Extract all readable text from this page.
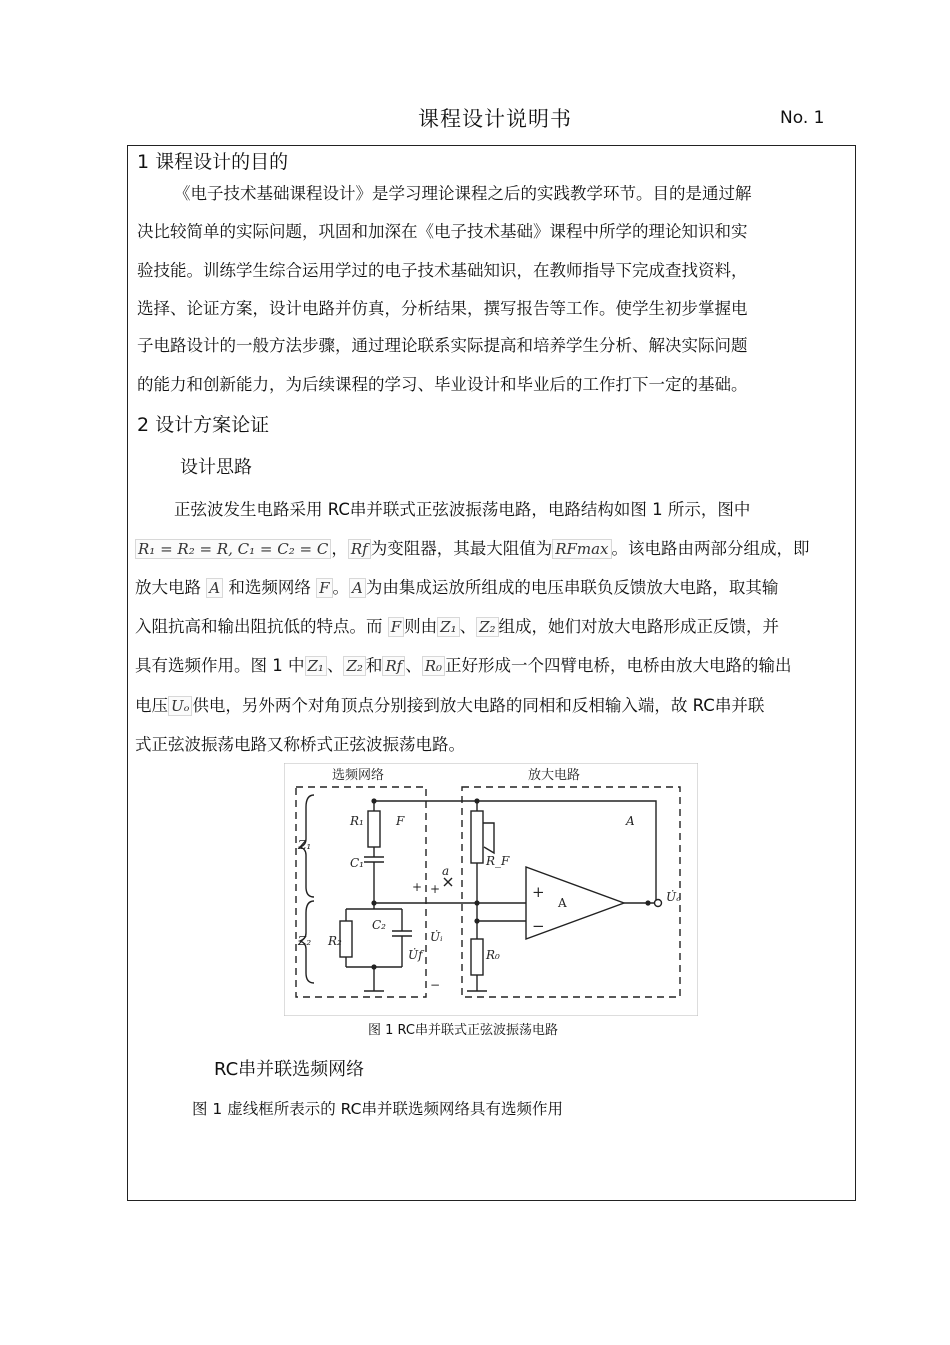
课程设计说明书	No. 1
1 课程设计的目的
《电子技术基础课程设计》是学习理论课程之后的实践教学环节。目的是通过解
决比较简单的实际问题，巩固和加深在《电子技术基础》课程中所学的理论知识和实
验技能。训练学生综合运用学过的电子技术基础知识，在教师指导下完成查找资料，
选择、论证方案，设计电路并仿真，分析结果，撰写报告等工作。使学生初步掌握电
子电路设计的一般方法步骤，通过理论联系实际提高和培养学生分析、解决实际问题
的能力和创新能力，为后续课程的学习、毕业设计和毕业后的工作打下一定的基础。
2 设计方案论证
设计思路
正弦波发生电路采用 RC串并联式正弦波振荡电路，电路结构如图 1 所示，图中
R₁ = R₂ = R, C₁ = C₂ = C ， Rf 为变阻器，其最大阻值为 RFmax 。该电路由两部分组成，即
放大电路 A 和选频网络 F 。 A 为由集成运放所组成的电压串联负反馈放大电路，取其输
入阻抗高和输出阻抗低的特点。而 F 则由 Z₁ 、 Z₂ 组成，她们对放大电路形成正反馈，并
具有选频作用。图 1 中 Z₁ 、 Z₂ 和 Rf 、 R₀ 正好形成一个四臂电桥，电桥由放大电路的输出
电压 Uₒ 供电，另外两个对角顶点分别接到放大电路的同相和反相输入端，故 RC串并联
式正弦波振荡电路又称桥式正弦波振荡电路。
选频网络	放大电路
R₁
C₁
R₂
C₂
R_F
R₀
Z₁
Z₂
F	A
A
a
U̇f
U̇ᵢ
U̇ₒ
+
−
+ +
−
图 1 RC串并联式正弦波振荡电路
RC串并联选频网络
图 1 虚线框所表示的 RC串并联选频网络具有选频作用
